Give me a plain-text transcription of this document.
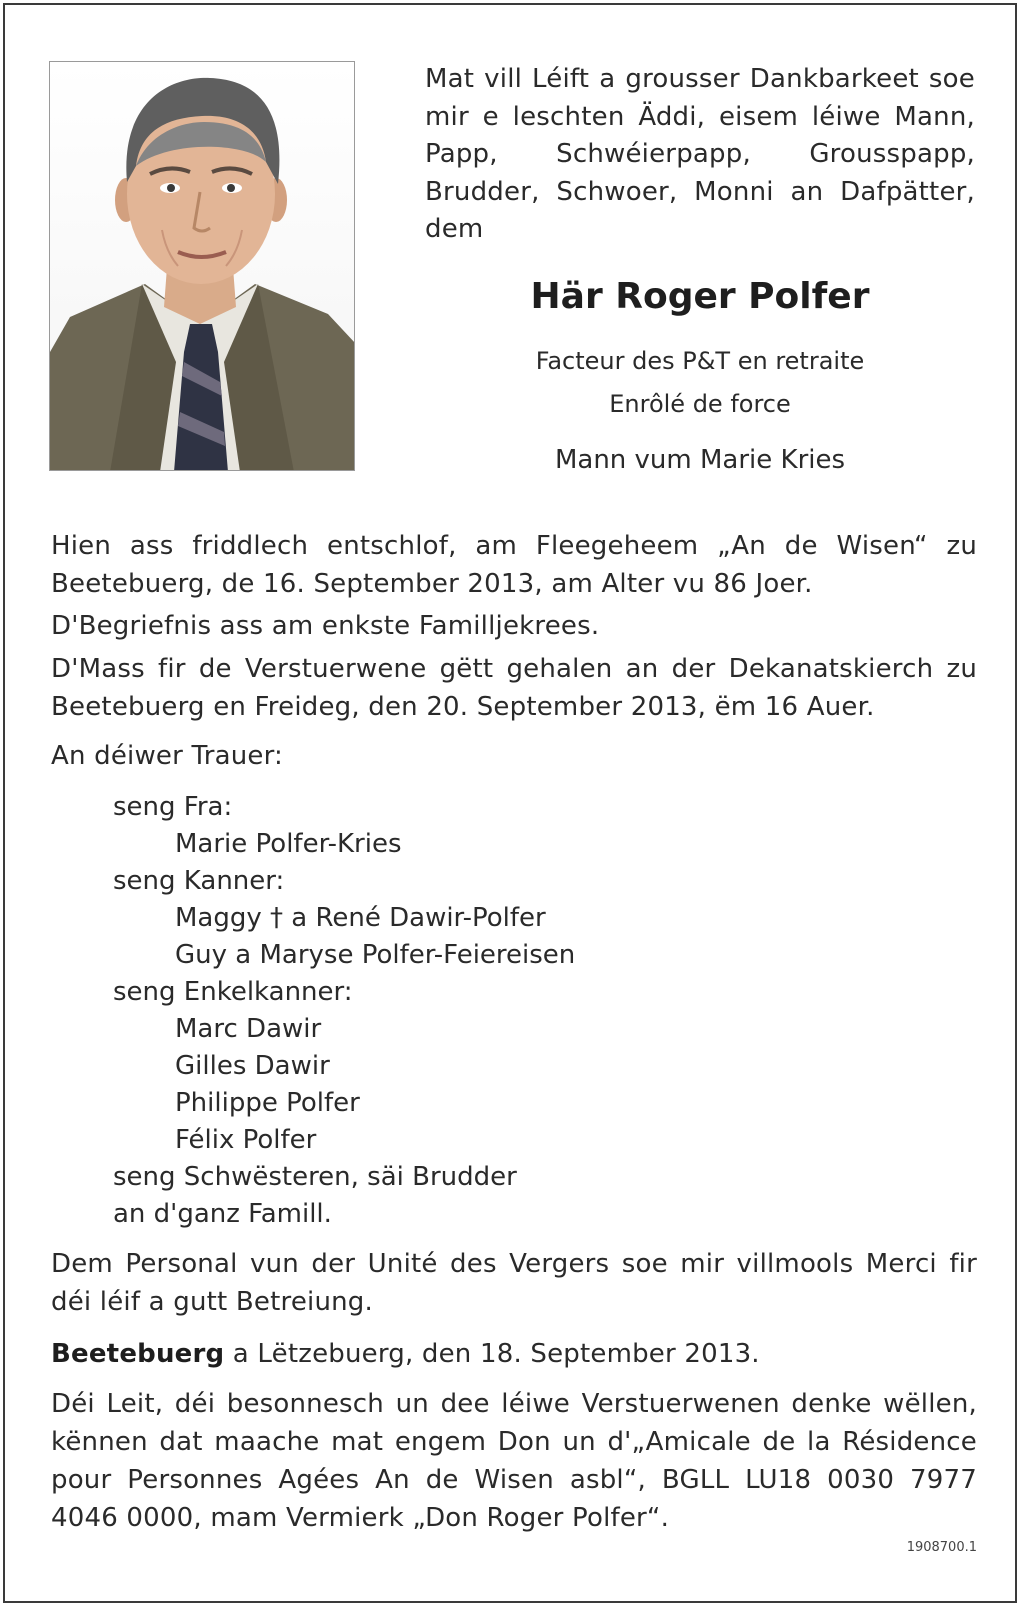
Mat vill Léift a grousser Dankbarkeet soe mir e leschten Äddi, eisem léiwe Mann, Papp, Schwéierpapp, Grousspapp, Brudder, Schwoer, Monni an Dafpätter, dem
Här Roger Polfer
Facteur des P&T en retraite
Enrôlé de force
Mann vum Marie Kries
Hien ass friddlech entschlof, am Fleegeheem „An de Wisen“ zu Beetebuerg, de 16. September 2013, am Alter vu 86 Joer.
D'Begriefnis ass am enkste Familljekrees.
D'Mass fir de Verstuerwene gëtt gehalen an der Dekanatskierch zu Beetebuerg en Freideg, den 20. September 2013, ëm 16 Auer.
An déiwer Trauer:
seng Fra:
Marie Polfer-Kries
seng Kanner:
Maggy † a René Dawir-Polfer
Guy a Maryse Polfer-Feiereisen
seng Enkelkanner:
Marc Dawir
Gilles Dawir
Philippe Polfer
Félix Polfer
seng Schwësteren, säi Brudder
an d'ganz Famill.
Dem Personal vun der Unité des Vergers soe mir villmools Merci fir déi léif a gutt Betreiung.
Beetebuerg a Lëtzebuerg, den 18. September 2013.
Déi Leit, déi besonnesch un dee léiwe Verstuerwenen denke wëllen, kënnen dat maache mat engem Don un d'„Amicale de la Résidence pour Personnes Agées An de Wisen asbl“, BGLL LU18 0030 7977 4046 0000, mam Vermierk „Don Roger Polfer“.
1908700.1
